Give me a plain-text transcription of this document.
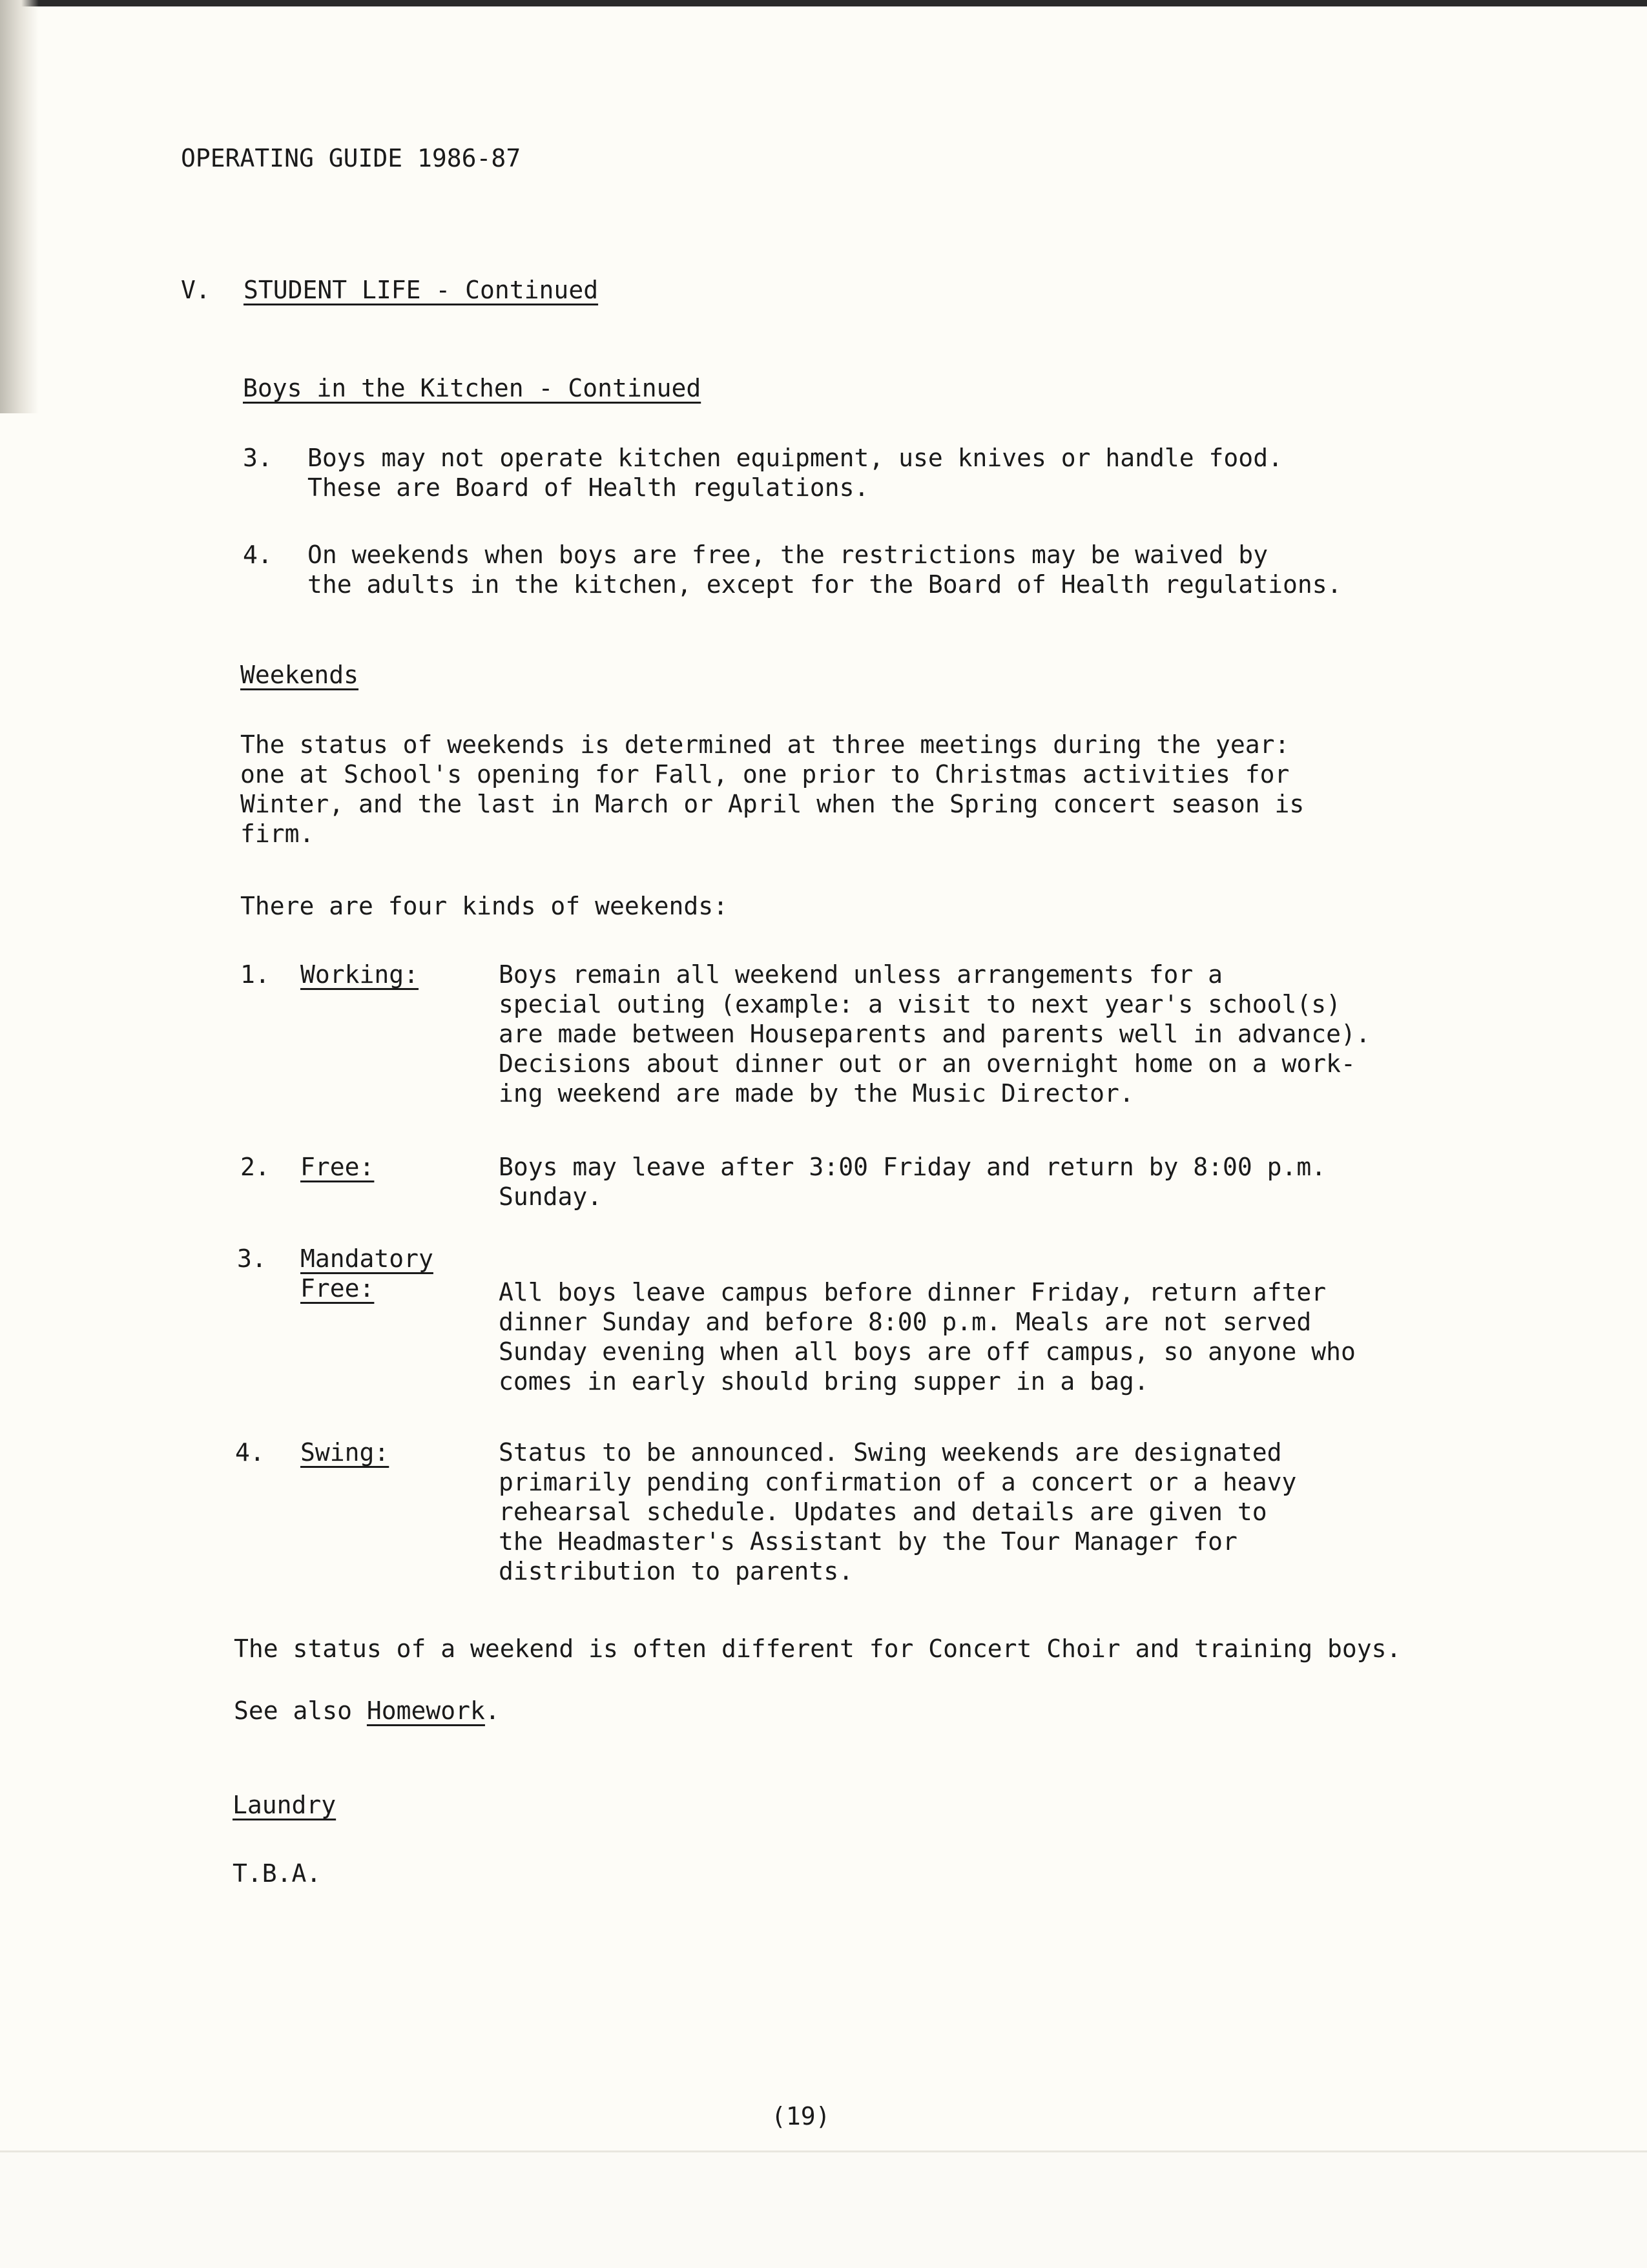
OPERATING GUIDE 1986-87
V. STUDENT LIFE - Continued
Boys in the Kitchen - Continued
3. Boys may not operate kitchen equipment, use knives or handle food.

These are Board of Health regulations.

4. On weekends when boys are free, the restrictions may be waived by

the adults in the kitchen, except for the Board of Health regulations.

Weekends

The status of weekends is determined at three meetings during the year:

one at School's opening for Fall, one prior to Christmas activities for

Winter, and the last in March or April when the Spring concert season is

firm.

There are four kinds of weekends:
1. Working:	Boys remain all weekend unless arrangements for a

special outing (example: a visit to next year's school(s)

are made between Houseparents and parents well in advance).

Decisions about dinner out or an overnight home on a work-

ing weekend are made by the Music Director.

2. Free:	Boys may leave after 3:00 Friday and return by 8:00 p.m.

Sunday.

3. Mandatory

Free:	All boys leave campus before dinner Friday, return after

dinner Sunday and before 8:00 p.m. Meals are not served

Sunday evening when all boys are off campus, so anyone who

comes in early should bring supper in a bag.

4. Swing:	Status to be announced. Swing weekends are designated

primarily pending confirmation of a concert or a heavy

rehearsal schedule. Updates and details are given to

the Headmaster's Assistant by the Tour Manager for

distribution to parents.

The status of a weekend is often different for Concert Choir and training boys.
See also Homework.
Laundry
T.B.A.
(19)
